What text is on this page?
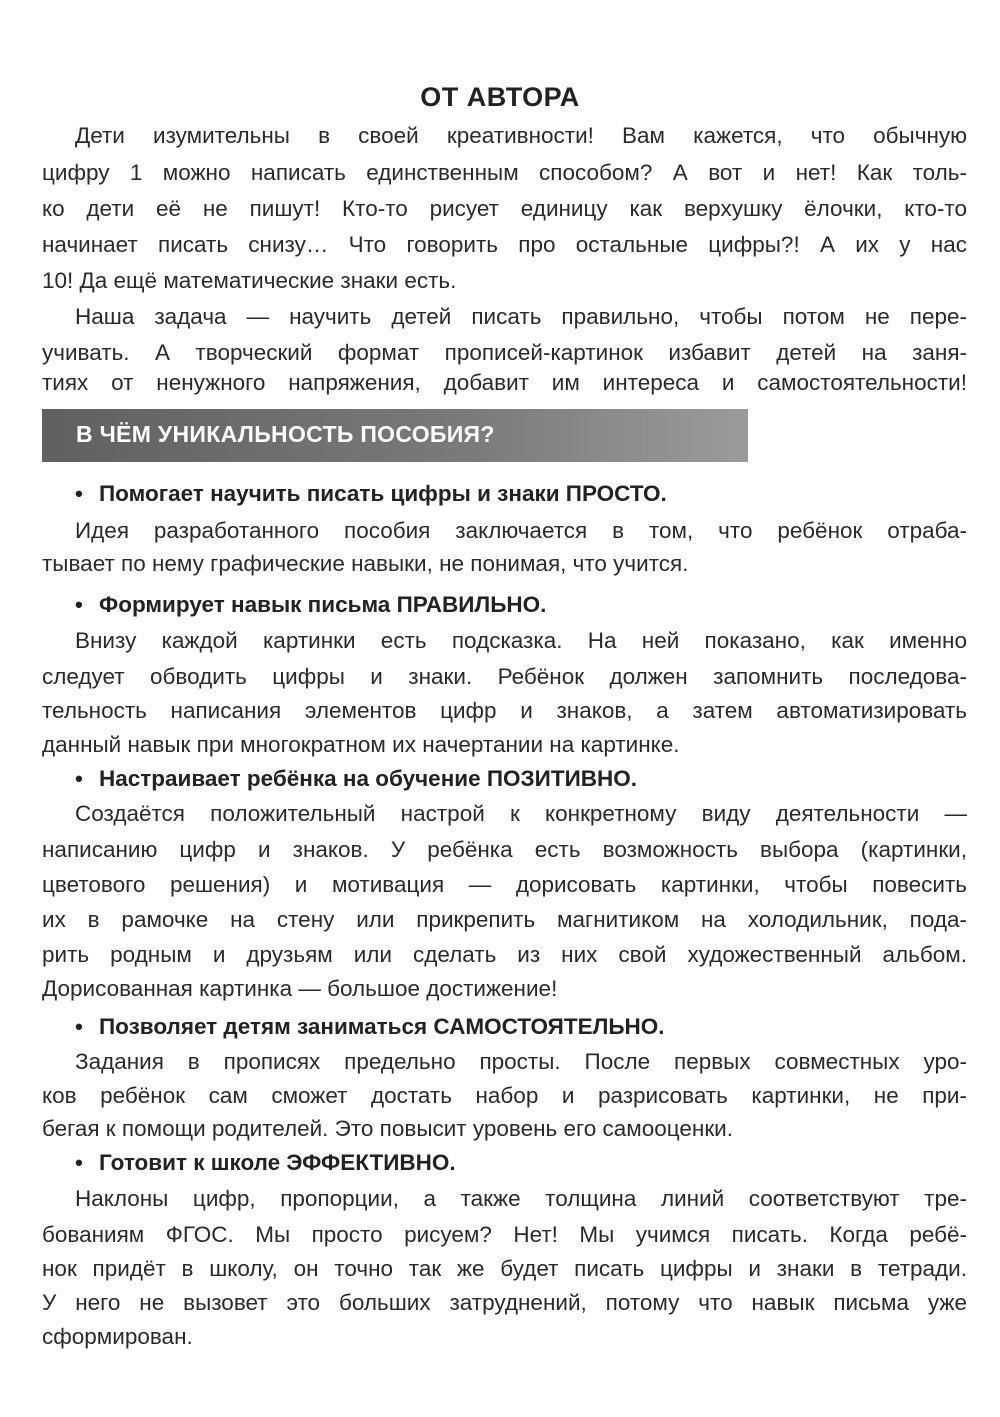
ОТ АВТОРА
Дети изумительны в своей креативности! Вам кажется, что обычную
цифру 1 можно написать единственным способом? А вот и нет! Как толь-
ко дети её не пишут! Кто-то рисует единицу как верхушку ёлочки, кто-то
начинает писать снизу… Что говорить про остальные цифры?! А их у нас
10! Да ещё математические знаки есть.
Наша задача — научить детей писать правильно, чтобы потом не пере-
учивать. А творческий формат прописей-картинок избавит детей на заня-
тиях от ненужного напряжения, добавит им интереса и самостоятельности!
В ЧЁМ УНИКАЛЬНОСТЬ ПОСОБИЯ?
• Помогает научить писать цифры и знаки ПРОСТО.
Идея разработанного пособия заключается в том, что ребёнок отраба-
тывает по нему графические навыки, не понимая, что учится.
• Формирует навык письма ПРАВИЛЬНО.
Внизу каждой картинки есть подсказка. На ней показано, как именно
следует обводить цифры и знаки. Ребёнок должен запомнить последова-
тельность написания элементов цифр и знаков, а затем автоматизировать
данный навык при многократном их начертании на картинке.
• Настраивает ребёнка на обучение ПОЗИТИВНО.
Создаётся положительный настрой к конкретному виду деятельности —
написанию цифр и знаков. У ребёнка есть возможность выбора (картинки,
цветового решения) и мотивация — дорисовать картинки, чтобы повесить
их в рамочке на стену или прикрепить магнитиком на холодильник, пода-
рить родным и друзьям или сделать из них свой художественный альбом.
Дорисованная картинка — большое достижение!
• Позволяет детям заниматься САМОСТОЯТЕЛЬНО.
Задания в прописях предельно просты. После первых совместных уро-
ков ребёнок сам сможет достать набор и разрисовать картинки, не при-
бегая к помощи родителей. Это повысит уровень его самооценки.
• Готовит к школе ЭФФЕКТИВНО.
Наклоны цифр, пропорции, а также толщина линий соответствуют тре-
бованиям ФГОС. Мы просто рисуем? Нет! Мы учимся писать. Когда ребё-
нок придёт в школу, он точно так же будет писать цифры и знаки в тетради.
У него не вызовет это больших затруднений, потому что навык письма уже
сформирован.
